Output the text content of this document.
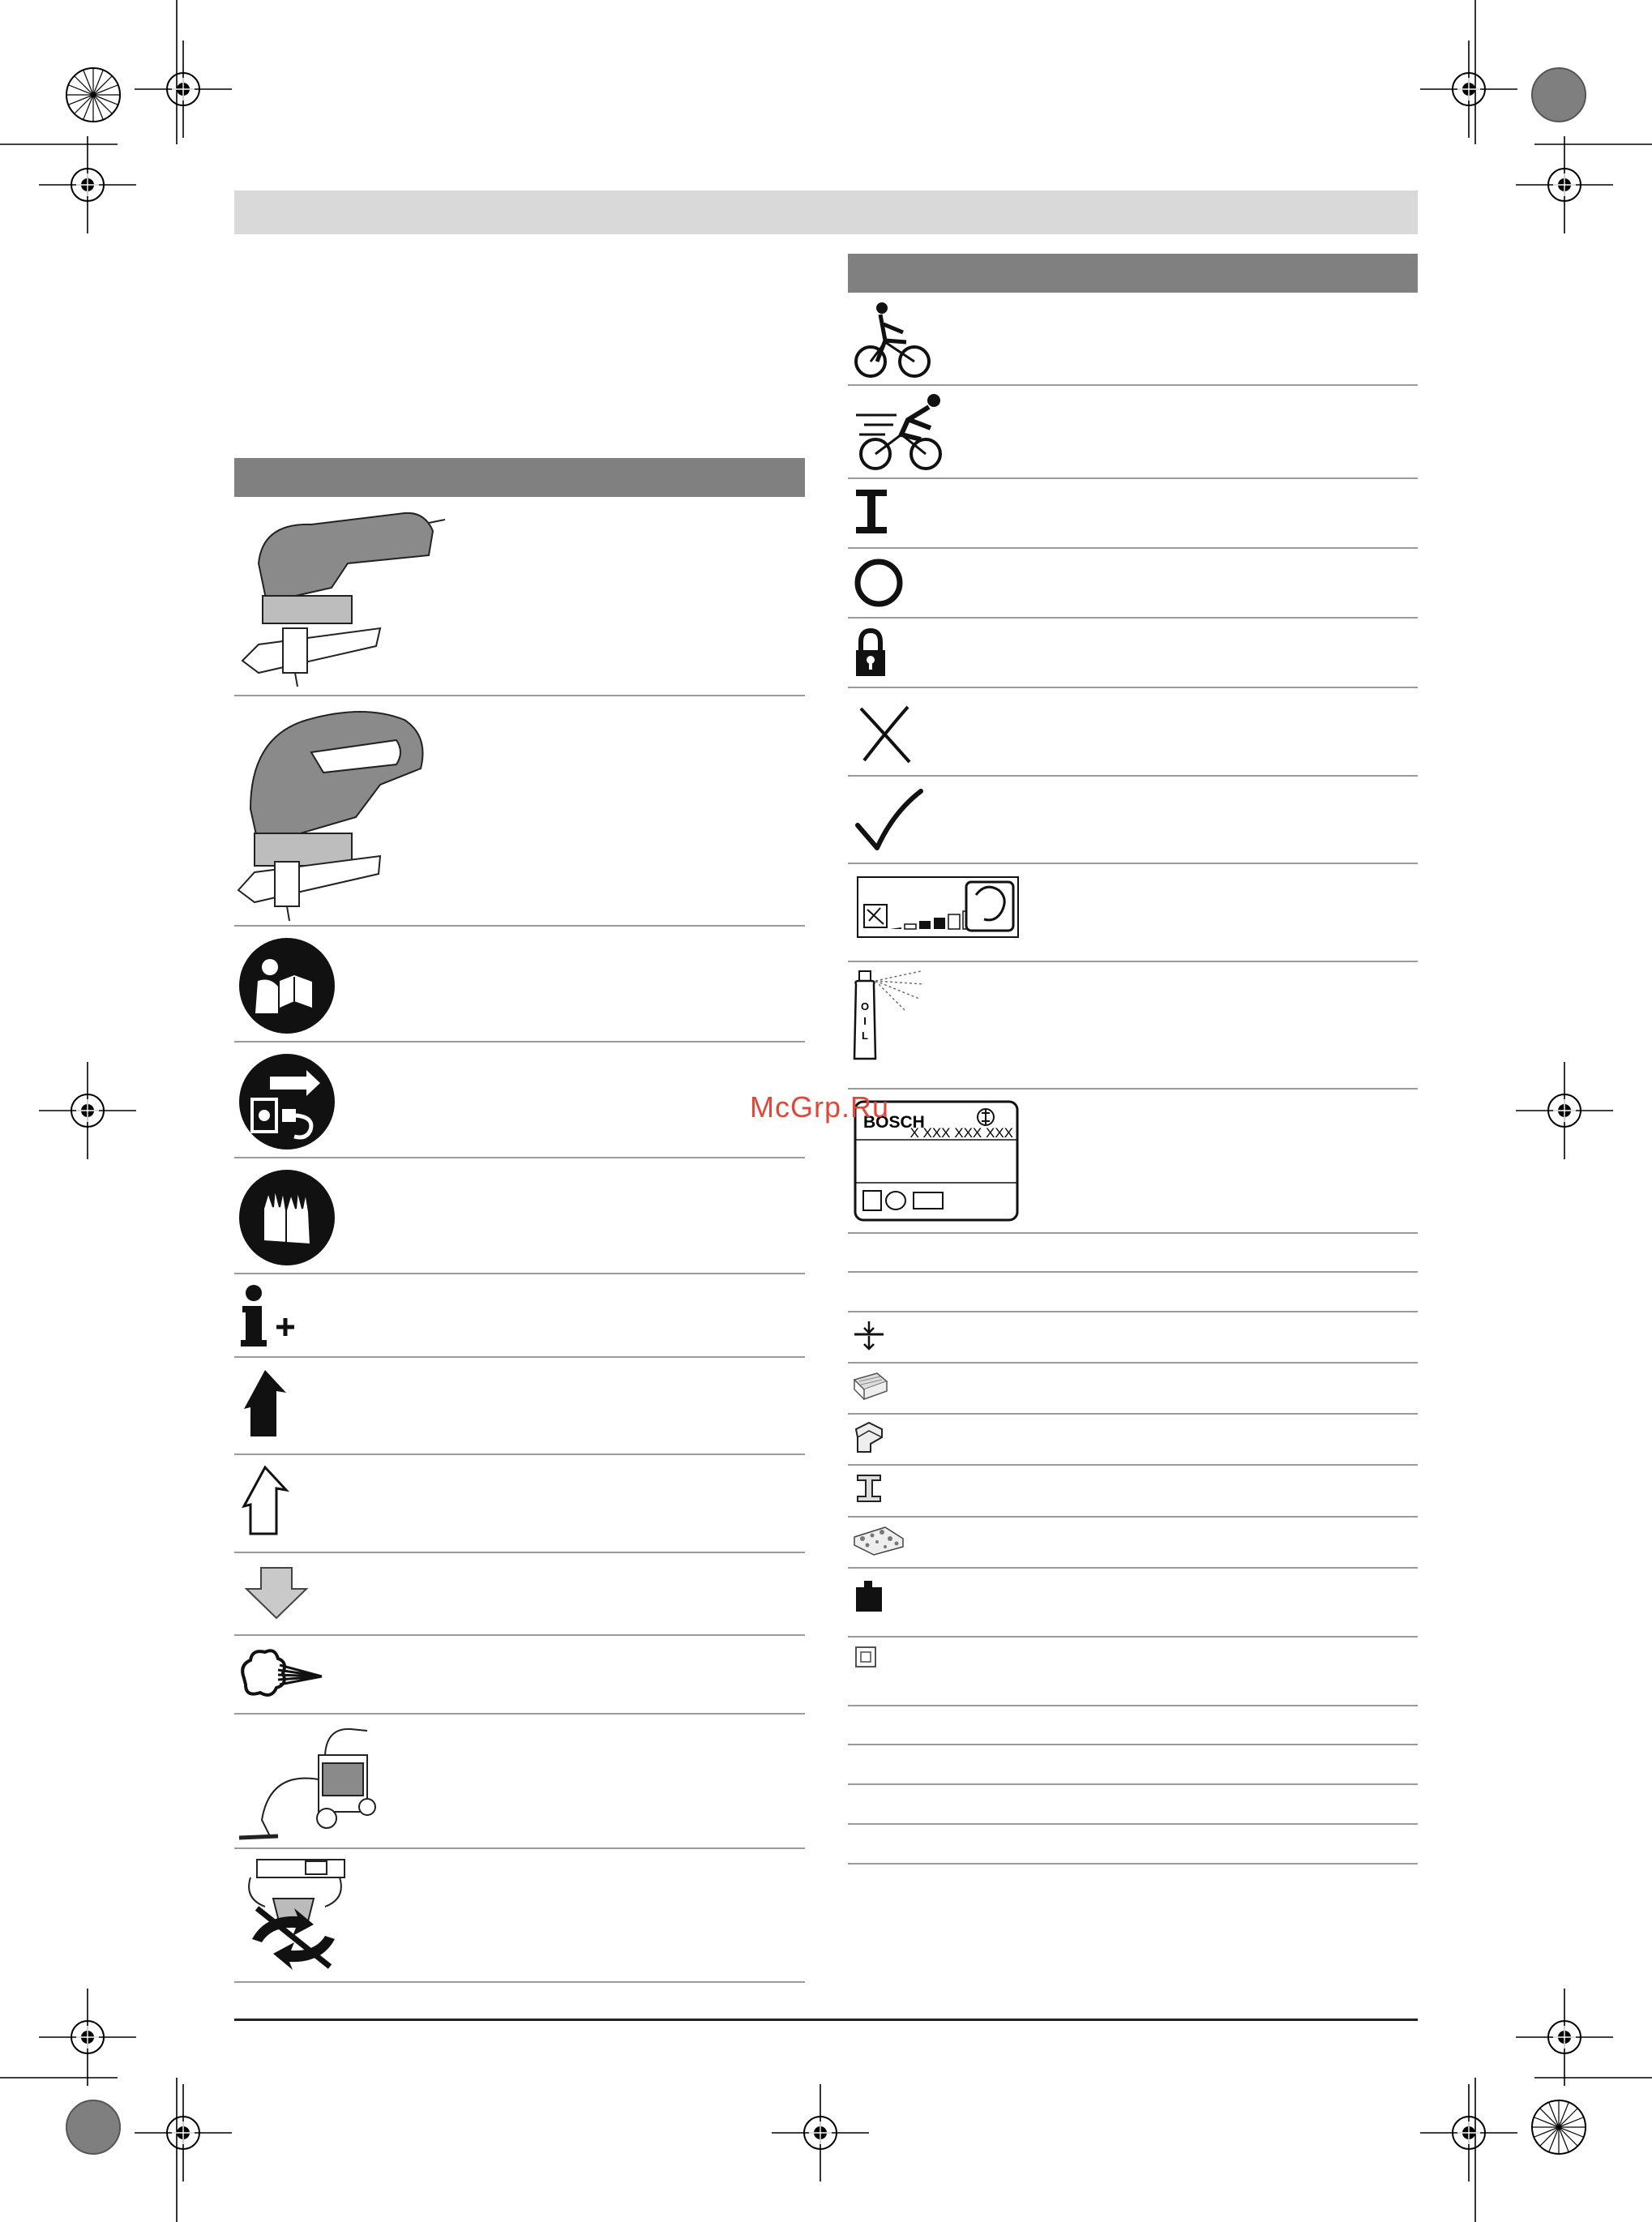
O
I
L
BOSCH
X XXX XXX XXX
McGrp.Ru
